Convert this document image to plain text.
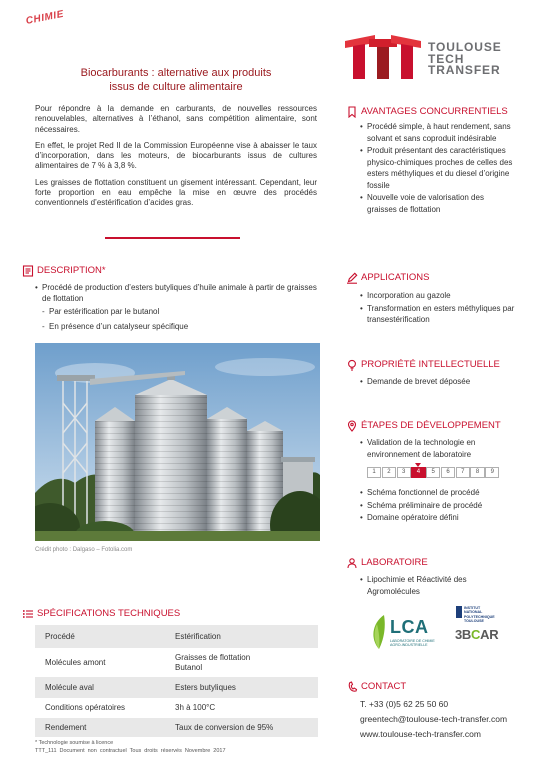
CHIMIE
TOULOUSE
TECH
TRANSFER
Biocarburants : alternative aux produits
issus de culture alimentaire

Pour répondre à la demande en carburants, de nouvelles ressources renouvelables, alternatives à l’éthanol, sans compétition alimentaire, sont nécessaires.

En effet, le projet Red II de la Commission Européenne vise à abaisser le taux d’incorporation, dans les moteurs, de biocarburants issus de cultures alimentaires de 7 % à 3,8 %.

Les graisses de flottation constituent un gisement intéressant. Cependant, leur forte proportion en eau empêche la mise en œuvre des procédés conventionnels d’estérification d’acides gras.

DESCRIPTION*
• Procédé de production d’esters butyliques d’huile animale à partir de graisses de flottation
- Par estérification par le butanol
- En présence d’un catalyseur spécifique
Crédit photo : Dalgaso – Fotolia.com
SPÉCIFICATIONS TECHNIQUES
Procédé	Estérification

Molécules amont	Graisses de flottation
Butanol

Molécule aval	Esters butyliques

Conditions opératoires	3h à 100°C

Rendement	Taux de conversion de 95%
* Technologie soumise à licence
TTT_111 Document non contractuel Tous droits réservés Novembre 2017
AVANTAGES CONCURRENTIELS
• Procédé simple, à haut rendement, sans solvant et sans coproduit indésirable
• Produit présentant des caractéristiques physico-chimiques proches de celles des esters méthyliques et du diesel d’origine fossile
• Nouvelle voie de valorisation des graisses de flottation
APPLICATIONS
• Incorporation au gazole
• Transformation en esters méthyliques par transestérification
PROPRIÉTÉ INTELLECTUELLE
• Demande de brevet déposée
ÉTAPES DE DÉVELOPPEMENT
• Validation de la technologie en environnement de laboratoire
1	2	3	4	5	6	7	8	9
• Schéma fonctionnel de procédé
• Schéma préliminaire de procédé
• Domaine opératoire défini
LABORATOIRE
• Lipochimie et Réactivité des Agromolécules
LCA
LABORATOIRE DE CHIMIE AGRO-INDUSTRIELLE
INSTITUT NATIONAL POLYTECHNIQUE
TOULOUSE
3BCAR
CONTACT
T. +33 (0)5 62 25 50 60
greentech@toulouse-tech-transfer.com
www.toulouse-tech-transfer.com
